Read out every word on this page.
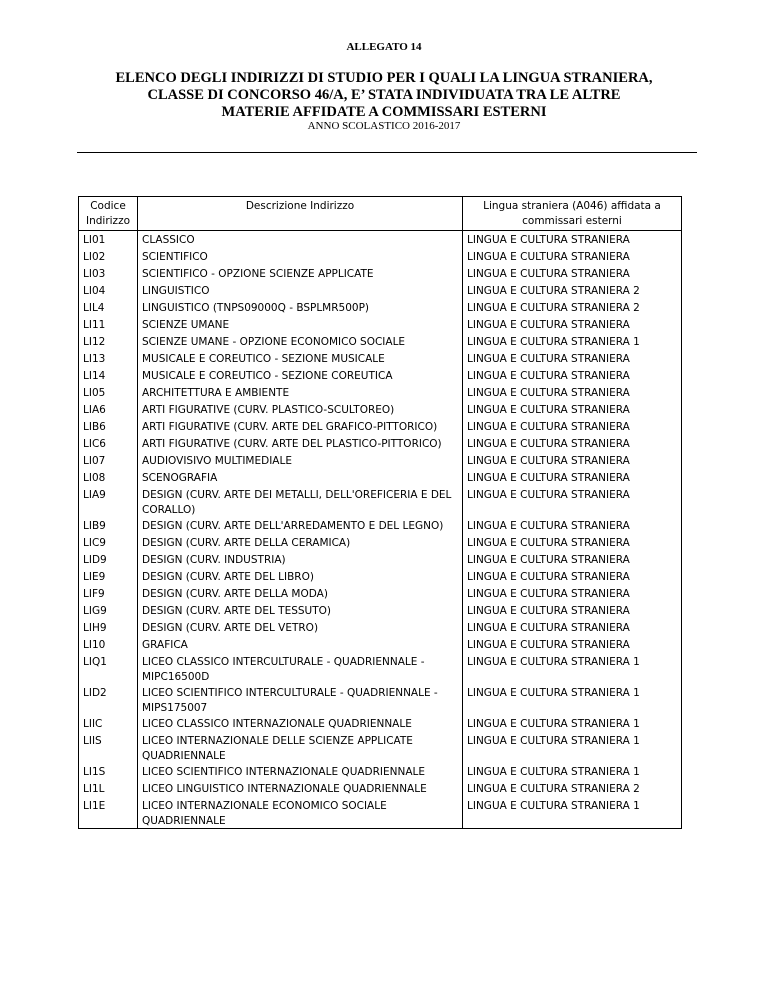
ALLEGATO 14
ELENCO DEGLI INDIRIZZI DI STUDIO PER I QUALI LA LINGUA STRANIERA,
CLASSE DI CONCORSO 46/A, E’ STATA INDIVIDUATA TRA LE ALTRE
MATERIE AFFIDATE A COMMISSARI ESTERNI
ANNO SCOLASTICO 2016-2017
Codice Indirizzo	Descrizione Indirizzo	Lingua straniera (A046) affidata a commissari esterni
LI01	CLASSICO	LINGUA E CULTURA STRANIERA
LI02	SCIENTIFICO	LINGUA E CULTURA STRANIERA
LI03	SCIENTIFICO - OPZIONE SCIENZE APPLICATE	LINGUA E CULTURA STRANIERA
LI04	LINGUISTICO	LINGUA E CULTURA STRANIERA 2
LIL4	LINGUISTICO (TNPS09000Q - BSPLMR500P)	LINGUA E CULTURA STRANIERA 2
LI11	SCIENZE UMANE	LINGUA E CULTURA STRANIERA
LI12	SCIENZE UMANE - OPZIONE ECONOMICO SOCIALE	LINGUA E CULTURA STRANIERA 1
LI13	MUSICALE E COREUTICO - SEZIONE MUSICALE	LINGUA E CULTURA STRANIERA
LI14	MUSICALE E COREUTICO - SEZIONE COREUTICA	LINGUA E CULTURA STRANIERA
LI05	ARCHITETTURA E AMBIENTE	LINGUA E CULTURA STRANIERA
LIA6	ARTI FIGURATIVE (CURV. PLASTICO-SCULTOREO)	LINGUA E CULTURA STRANIERA
LIB6	ARTI FIGURATIVE (CURV. ARTE DEL GRAFICO-PITTORICO)	LINGUA E CULTURA STRANIERA
LIC6	ARTI FIGURATIVE (CURV. ARTE DEL PLASTICO-PITTORICO)	LINGUA E CULTURA STRANIERA
LI07	AUDIOVISIVO MULTIMEDIALE	LINGUA E CULTURA STRANIERA
LI08	SCENOGRAFIA	LINGUA E CULTURA STRANIERA
LIA9	DESIGN (CURV. ARTE DEI METALLI, DELL'OREFICERIA E DEL CORALLO)	LINGUA E CULTURA STRANIERA
LIB9	DESIGN (CURV. ARTE DELL'ARREDAMENTO E DEL LEGNO)	LINGUA E CULTURA STRANIERA
LIC9	DESIGN (CURV. ARTE DELLA CERAMICA)	LINGUA E CULTURA STRANIERA
LID9	DESIGN (CURV. INDUSTRIA)	LINGUA E CULTURA STRANIERA
LIE9	DESIGN (CURV. ARTE DEL LIBRO)	LINGUA E CULTURA STRANIERA
LIF9	DESIGN (CURV. ARTE DELLA MODA)	LINGUA E CULTURA STRANIERA
LIG9	DESIGN (CURV. ARTE DEL TESSUTO)	LINGUA E CULTURA STRANIERA
LIH9	DESIGN (CURV. ARTE DEL VETRO)	LINGUA E CULTURA STRANIERA
LI10	GRAFICA	LINGUA E CULTURA STRANIERA
LIQ1	LICEO CLASSICO INTERCULTURALE - QUADRIENNALE - MIPC16500D	LINGUA E CULTURA STRANIERA 1
LID2	LICEO SCIENTIFICO INTERCULTURALE - QUADRIENNALE - MIPS175007	LINGUA E CULTURA STRANIERA 1
LIIC	LICEO CLASSICO INTERNAZIONALE QUADRIENNALE	LINGUA E CULTURA STRANIERA 1
LIIS	LICEO INTERNAZIONALE DELLE SCIENZE APPLICATE QUADRIENNALE	LINGUA E CULTURA STRANIERA 1
LI1S	LICEO SCIENTIFICO INTERNAZIONALE QUADRIENNALE	LINGUA E CULTURA STRANIERA 1
LI1L	LICEO LINGUISTICO INTERNAZIONALE QUADRIENNALE	LINGUA E CULTURA STRANIERA 2
LI1E	LICEO INTERNAZIONALE ECONOMICO SOCIALE QUADRIENNALE	LINGUA E CULTURA STRANIERA 1
